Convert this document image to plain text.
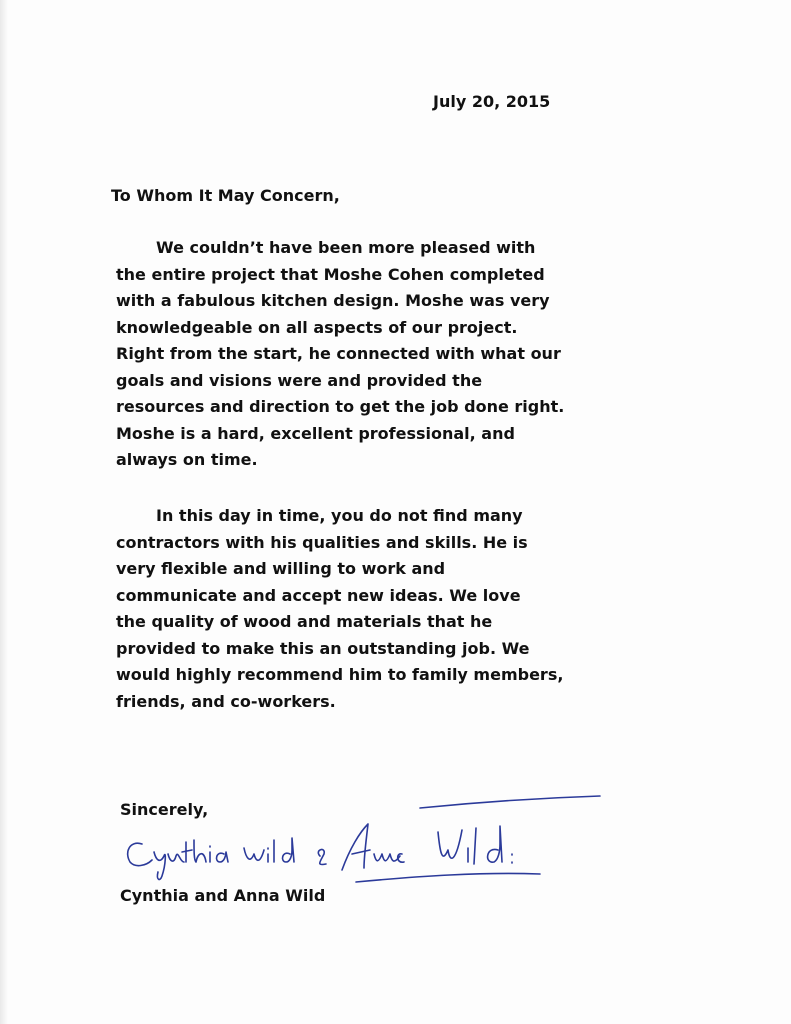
July 20, 2015

To Whom It May Concern,

We couldn’t have been more pleased with
the entire project that Moshe Cohen completed
with a fabulous kitchen design. Moshe was very
knowledgeable on all aspects of our project.
Right from the start, he connected with what our
goals and visions were and provided the
resources and direction to get the job done right.
Moshe is a hard, excellent professional, and
always on time.
In this day in time, you do not find many
contractors with his qualities and skills. He is
very flexible and willing to work and
communicate and accept new ideas. We love
the quality of wood and materials that he
provided to make this an outstanding job. We
would highly recommend him to family members,
friends, and co-workers.

Sincerely,

Cynthia and Anna Wild
